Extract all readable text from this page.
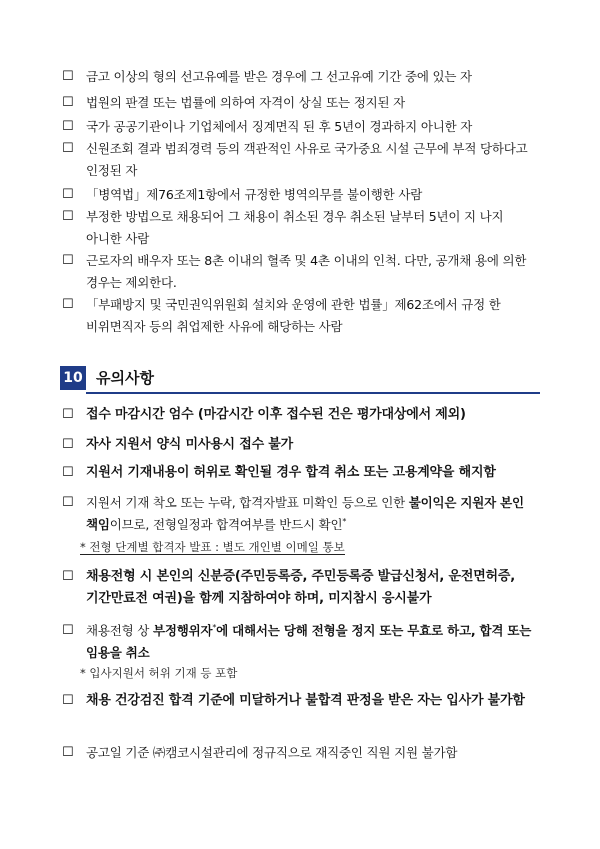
☐ 금고 이상의 형의 선고유예를 받은 경우에 그 선고유예 기간 중에 있는 자
☐ 법원의 판결 또는 법률에 의하여 자격이 상실 또는 정지된 자
☐ 국가 공공기관이나 기업체에서 징계면직 된 후 5년이 경과하지 아니한 자
☐ 신원조회 결과 범죄경력 등의 객관적인 사유로 국가중요 시설 근무에 부적 당하다고 인정된 자
☐ 「병역법」제76조제1항에서 규정한 병역의무를 불이행한 사람
☐ 부정한 방법으로 채용되어 그 채용이 취소된 경우 취소된 날부터 5년이 지 나지 아니한 사람
☐ 근로자의 배우자 또는 8촌 이내의 혈족 및 4촌 이내의 인척. 다만, 공개채 용에 의한 경우는 제외한다.
☐ 「부패방지 및 국민권익위원회 설치와 운영에 관한 법률」제62조에서 규정 한 비위면직자 등의 취업제한 사유에 해당하는 사람
10 유의사항
☐ 접수 마감시간 엄수 (마감시간 이후 접수된 건은 평가대상에서 제외)
☐ 자사 지원서 양식 미사용시 접수 불가
☐ 지원서 기재내용이 허위로 확인될 경우 합격 취소 또는 고용계약을 해지함
☐ 지원서 기재 착오 또는 누락, 합격자발표 미확인 등으로 인한 불이익은 지원자 본인 책임이므로, 전형일정과 합격여부를 반드시 확인*
* 전형 단계별 합격자 발표 : 별도 개인별 이메일 통보
☐ 채용전형 시 본인의 신분증(주민등록증, 주민등록증 발급신청서, 운전면허증, 기간만료전 여권)을 함께 지참하여야 하며, 미지참시 응시불가
☐ 채용전형 상 부정행위자*에 대해서는 당해 전형을 정지 또는 무효로 하고, 합격 또는 임용을 취소
* 입사지원서 허위 기재 등 포함
☐ 채용 건강검진 합격 기준에 미달하거나 불합격 판정을 받은 자는 입사가 불가함
☐ 공고일 기준 ㈜캠코시설관리에 정규직으로 재직중인 직원 지원 불가함
